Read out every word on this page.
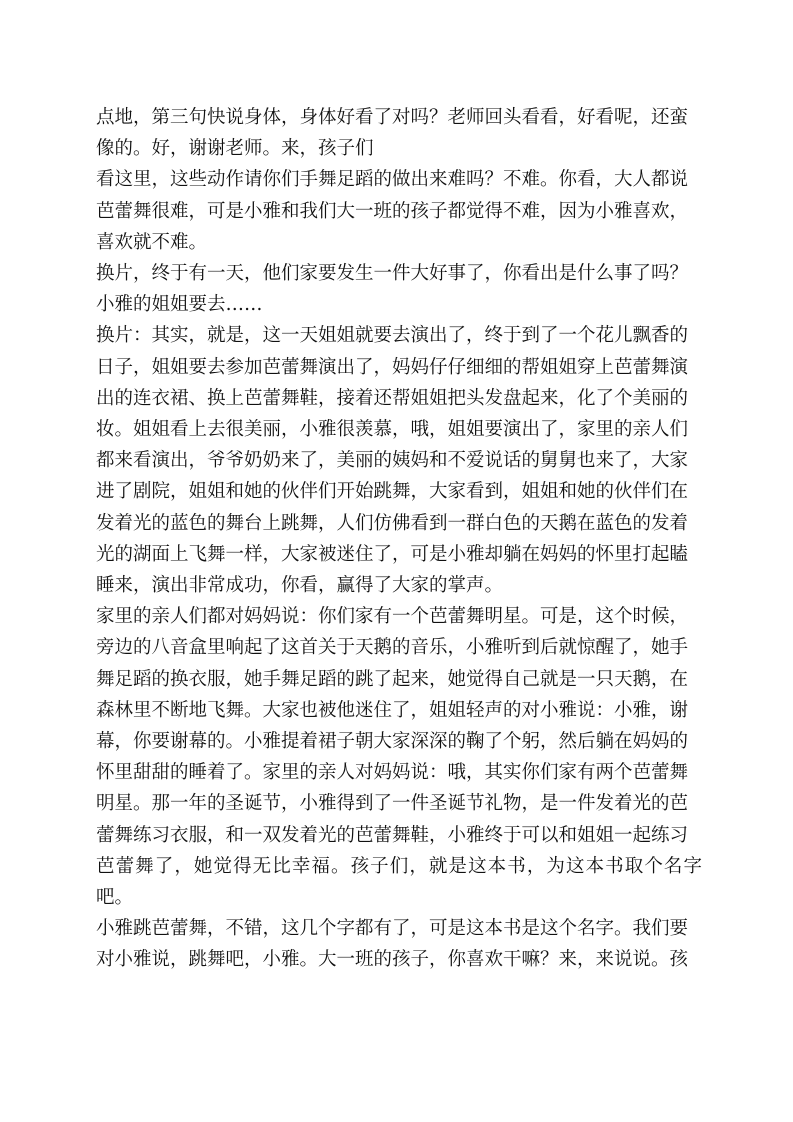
点地，第三句快说身体，身体好看了对吗？老师回头看看，好看呢，还蛮
像的。好，谢谢老师。来，孩子们

看这里，这些动作请你们手舞足蹈的做出来难吗？不难。你看，大人都说
芭蕾舞很难，可是小雅和我们大一班的孩子都觉得不难，因为小雅喜欢，
喜欢就不难。

换片，终于有一天，他们家要发生一件大好事了，你看出是什么事了吗？
小雅的姐姐要去……

换片：其实，就是，这一天姐姐就要去演出了，终于到了一个花儿飘香的
日子，姐姐要去参加芭蕾舞演出了，妈妈仔仔细细的帮姐姐穿上芭蕾舞演
出的连衣裙、换上芭蕾舞鞋，接着还帮姐姐把头发盘起来，化了个美丽的
妆。姐姐看上去很美丽，小雅很羡慕，哦，姐姐要演出了，家里的亲人们
都来看演出，爷爷奶奶来了，美丽的姨妈和不爱说话的舅舅也来了，大家
进了剧院，姐姐和她的伙伴们开始跳舞，大家看到，姐姐和她的伙伴们在
发着光的蓝色的舞台上跳舞，人们仿佛看到一群白色的天鹅在蓝色的发着
光的湖面上飞舞一样，大家被迷住了，可是小雅却躺在妈妈的怀里打起瞌
睡来，演出非常成功，你看，赢得了大家的掌声。

家里的亲人们都对妈妈说：你们家有一个芭蕾舞明星。可是，这个时候，
旁边的八音盒里响起了这首关于天鹅的音乐，小雅听到后就惊醒了，她手
舞足蹈的换衣服，她手舞足蹈的跳了起来，她觉得自己就是一只天鹅，在
森林里不断地飞舞。大家也被他迷住了，姐姐轻声的对小雅说：小雅，谢
幕，你要谢幕的。小雅提着裙子朝大家深深的鞠了个躬，然后躺在妈妈的
怀里甜甜的睡着了。家里的亲人对妈妈说：哦，其实你们家有两个芭蕾舞
明星。那一年的圣诞节，小雅得到了一件圣诞节礼物，是一件发着光的芭
蕾舞练习衣服，和一双发着光的芭蕾舞鞋，小雅终于可以和姐姐一起练习
芭蕾舞了，她觉得无比幸福。孩子们，就是这本书，为这本书取个名字吧。
小雅跳芭蕾舞，不错，这几个字都有了，可是这本书是这个名字。我们要
对小雅说，跳舞吧，小雅。大一班的孩子，你喜欢干嘛？来，来说说。孩
